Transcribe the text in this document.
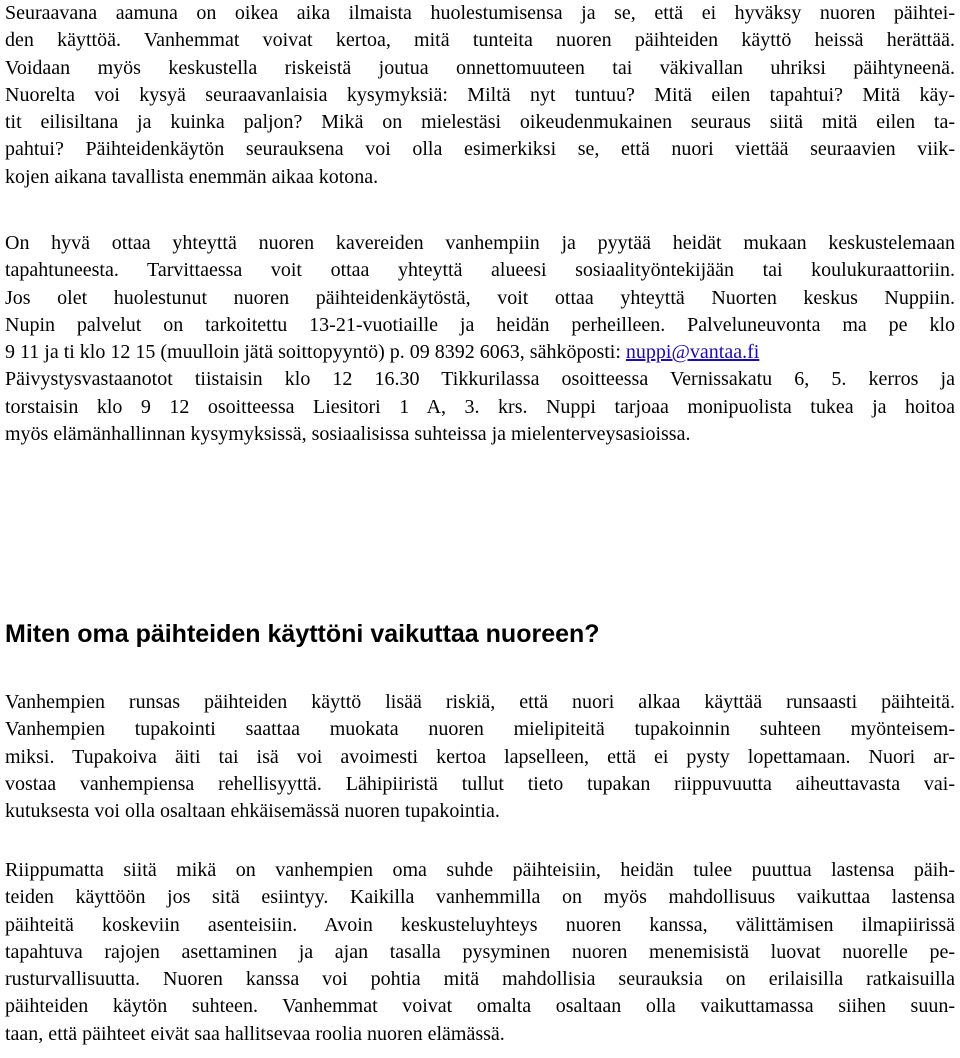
Seuraavana aamuna on oikea aika ilmaista huolestumisensa ja se, että ei hyväksy nuoren päihtei-
den käyttöä. Vanhemmat voivat kertoa, mitä tunteita nuoren päihteiden käyttö heissä herättää.
Voidaan myös keskustella riskeistä joutua onnettomuuteen tai väkivallan uhriksi päihtyneenä.
Nuorelta voi kysyä seuraavanlaisia kysymyksiä: Miltä nyt tuntuu? Mitä eilen tapahtui? Mitä käy-
tit eilisiltana ja kuinka paljon? Mikä on mielestäsi oikeudenmukainen seuraus siitä mitä eilen ta-
pahtui? Päihteidenkäytön seurauksena voi olla esimerkiksi se, että nuori viettää seuraavien viik-
kojen aikana tavallista enemmän aikaa kotona.
On hyvä ottaa yhteyttä nuoren kavereiden vanhempiin ja pyytää heidät mukaan keskustelemaan
tapahtuneesta. Tarvittaessa voit ottaa yhteyttä alueesi sosiaalityöntekijään tai koulukuraattoriin.
Jos olet huolestunut nuoren päihteidenkäytöstä, voit ottaa yhteyttä Nuorten keskus Nuppiin.
Nupin palvelut on tarkoitettu 13-21-vuotiaille ja heidän perheilleen. Palveluneuvonta ma pe klo
9 11 ja ti klo 12 15 (muulloin jätä soittopyyntö) p. 09 8392 6063, sähköposti: nuppi@vantaa.fi
Päivystysvastaanotot tiistaisin klo 12 16.30 Tikkurilassa osoitteessa Vernissakatu 6, 5. kerros ja
torstaisin klo 9 12 osoitteessa Liesitori 1 A, 3. krs. Nuppi tarjoaa monipuolista tukea ja hoitoa
myös elämänhallinnan kysymyksissä, sosiaalisissa suhteissa ja mielenterveysasioissa.
Miten oma päihteiden käyttöni vaikuttaa nuoreen?
Vanhempien runsas päihteiden käyttö lisää riskiä, että nuori alkaa käyttää runsaasti päihteitä.
Vanhempien tupakointi saattaa muokata nuoren mielipiteitä tupakoinnin suhteen myönteisem-
miksi. Tupakoiva äiti tai isä voi avoimesti kertoa lapselleen, että ei pysty lopettamaan. Nuori ar-
vostaa vanhempiensa rehellisyyttä. Lähipiiristä tullut tieto tupakan riippuvuutta aiheuttavasta vai-
kutuksesta voi olla osaltaan ehkäisemässä nuoren tupakointia.
Riippumatta siitä mikä on vanhempien oma suhde päihteisiin, heidän tulee puuttua lastensa päih-
teiden käyttöön jos sitä esiintyy. Kaikilla vanhemmilla on myös mahdollisuus vaikuttaa lastensa
päihteitä koskeviin asenteisiin. Avoin keskusteluyhteys nuoren kanssa, välittämisen ilmapiirissä
tapahtuva rajojen asettaminen ja ajan tasalla pysyminen nuoren menemisistä luovat nuorelle pe-
rusturvallisuutta. Nuoren kanssa voi pohtia mitä mahdollisia seurauksia on erilaisilla ratkaisuilla
päihteiden käytön suhteen. Vanhemmat voivat omalta osaltaan olla vaikuttamassa siihen suun-
taan, että päihteet eivät saa hallitsevaa roolia nuoren elämässä.
